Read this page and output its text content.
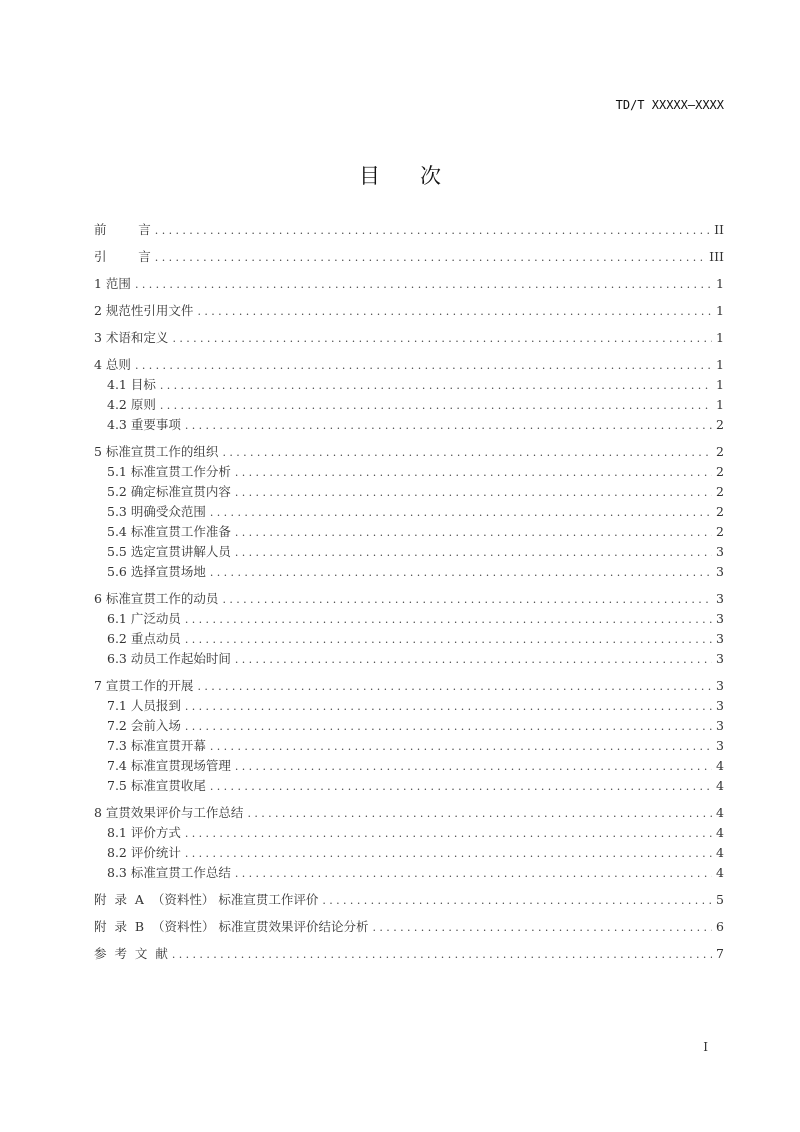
TD/T XXXXX—XXXX
目 次
前        言 .....	II
引        言 .....	III
1 范围 .....	1
2 规范性引用文件 .....	1
3 术语和定义 .....	1
4 总则 .....	1
4.1 目标 .....	1
4.2 原则 .....	1
4.3 重要事项 .....	2
5 标准宣贯工作的组织 .....	2
5.1 标准宣贯工作分析 .....	2
5.2 确定标准宣贯内容 .....	2
5.3 明确受众范围 .....	2
5.4 标准宣贯工作准备 .....	2
5.5 选定宣贯讲解人员 .....	3
5.6 选择宣贯场地 .....	3
6 标准宣贯工作的动员 .....	3
6.1 广泛动员 .....	3
6.2 重点动员 .....	3
6.3 动员工作起始时间 .....	3
7 宣贯工作的开展 .....	3
7.1 人员报到 .....	3
7.2 会前入场 .....	3
7.3 标准宣贯开幕 .....	3
7.4 标准宣贯现场管理 .....	4
7.5 标准宣贯收尾 .....	4
8 宣贯效果评价与工作总结 .....	4
8.1 评价方式 .....	4
8.2 评价统计 .....	4
8.3 标准宣贯工作总结 .....	4
附  录  A  （资料性） 标准宣贯工作评价 .....	5
附  录  B  （资料性） 标准宣贯效果评价结论分析 .....	6
参  考  文  献 .....	7
I
